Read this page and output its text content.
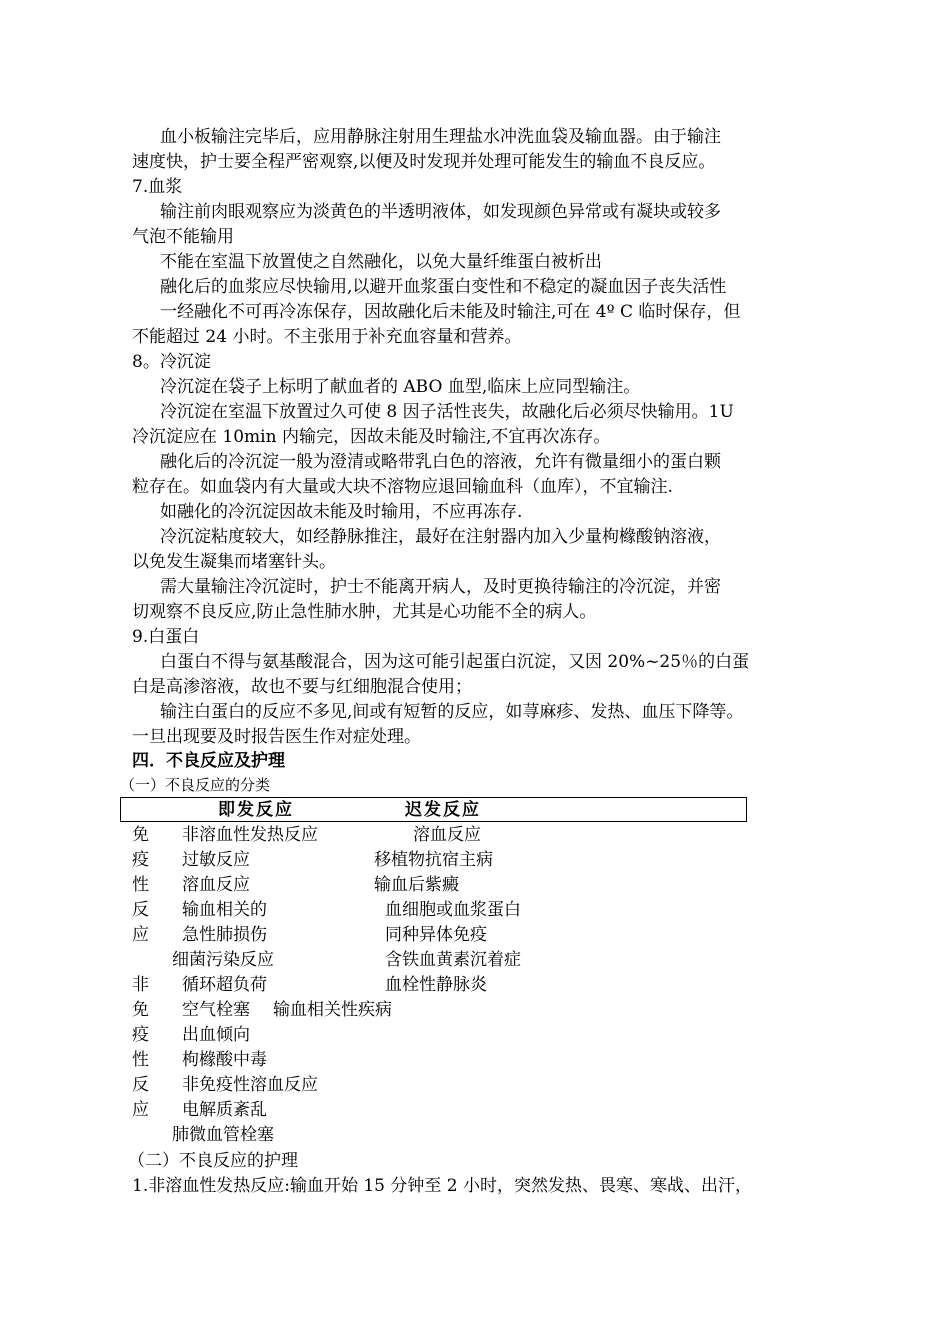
血小板输注完毕后，应用静脉注射用生理盐水冲洗血袋及输血器。由于输注
速度快，护士要全程严密观察,以便及时发现并处理可能发生的输血不良反应。
7.血浆
输注前肉眼观察应为淡黄色的半透明液体，如发现颜色异常或有凝块或较多
气泡不能输用
不能在室温下放置使之自然融化，以免大量纤维蛋白被析出
融化后的血浆应尽快输用,以避开血浆蛋白变性和不稳定的凝血因子丧失活性
一经融化不可再冷冻保存，因故融化后未能及时输注,可在 4º C 临时保存，但
不能超过 24 小时。不主张用于补充血容量和营养。
8。冷沉淀
冷沉淀在袋子上标明了献血者的 ABO 血型,临床上应同型输注。
冷沉淀在室温下放置过久可使 8 因子活性丧失，故融化后必须尽快输用。1U
冷沉淀应在 10min 内输完，因故未能及时输注,不宜再次冻存。
融化后的冷沉淀一般为澄清或略带乳白色的溶液，允许有微量细小的蛋白颗
粒存在。如血袋内有大量或大块不溶物应退回输血科（血库），不宜输注.
如融化的冷沉淀因故未能及时输用，不应再冻存.
冷沉淀粘度较大，如经静脉推注，最好在注射器内加入少量枸橼酸钠溶液，
以免发生凝集而堵塞针头。
需大量输注冷沉淀时，护士不能离开病人，及时更换待输注的冷沉淀，并密
切观察不良反应,防止急性肺水肿，尤其是心功能不全的病人。
9.白蛋白
白蛋白不得与氨基酸混合，因为这可能引起蛋白沉淀，又因 20%~25％的白蛋
白是高渗溶液，故也不要与红细胞混合使用；
输注白蛋白的反应不多见,间或有短暂的反应，如荨麻疹、发热、血压下降等。
一旦出现要及时报告医生作对症处理。
四．不良反应及护理
（一）不良反应的分类
即发反应	迟发反应
免 非溶血性发热反应	溶血反应
疫 过敏反应	移植物抗宿主病
性 溶血反应	输血后紫癜
反 输血相关的	血细胞或血浆蛋白
应 急性肺损伤	同种异体免疫
细菌污染反应	含铁血黄素沉着症
非 循环超负荷	血栓性静脉炎
免 空气栓塞 输血相关性疾病
疫 出血倾向
性 枸橼酸中毒
反 非免疫性溶血反应
应 电解质紊乱
肺微血管栓塞
（二）不良反应的护理
1.非溶血性发热反应:输血开始 15 分钟至 2 小时，突然发热、畏寒、寒战、出汗，
